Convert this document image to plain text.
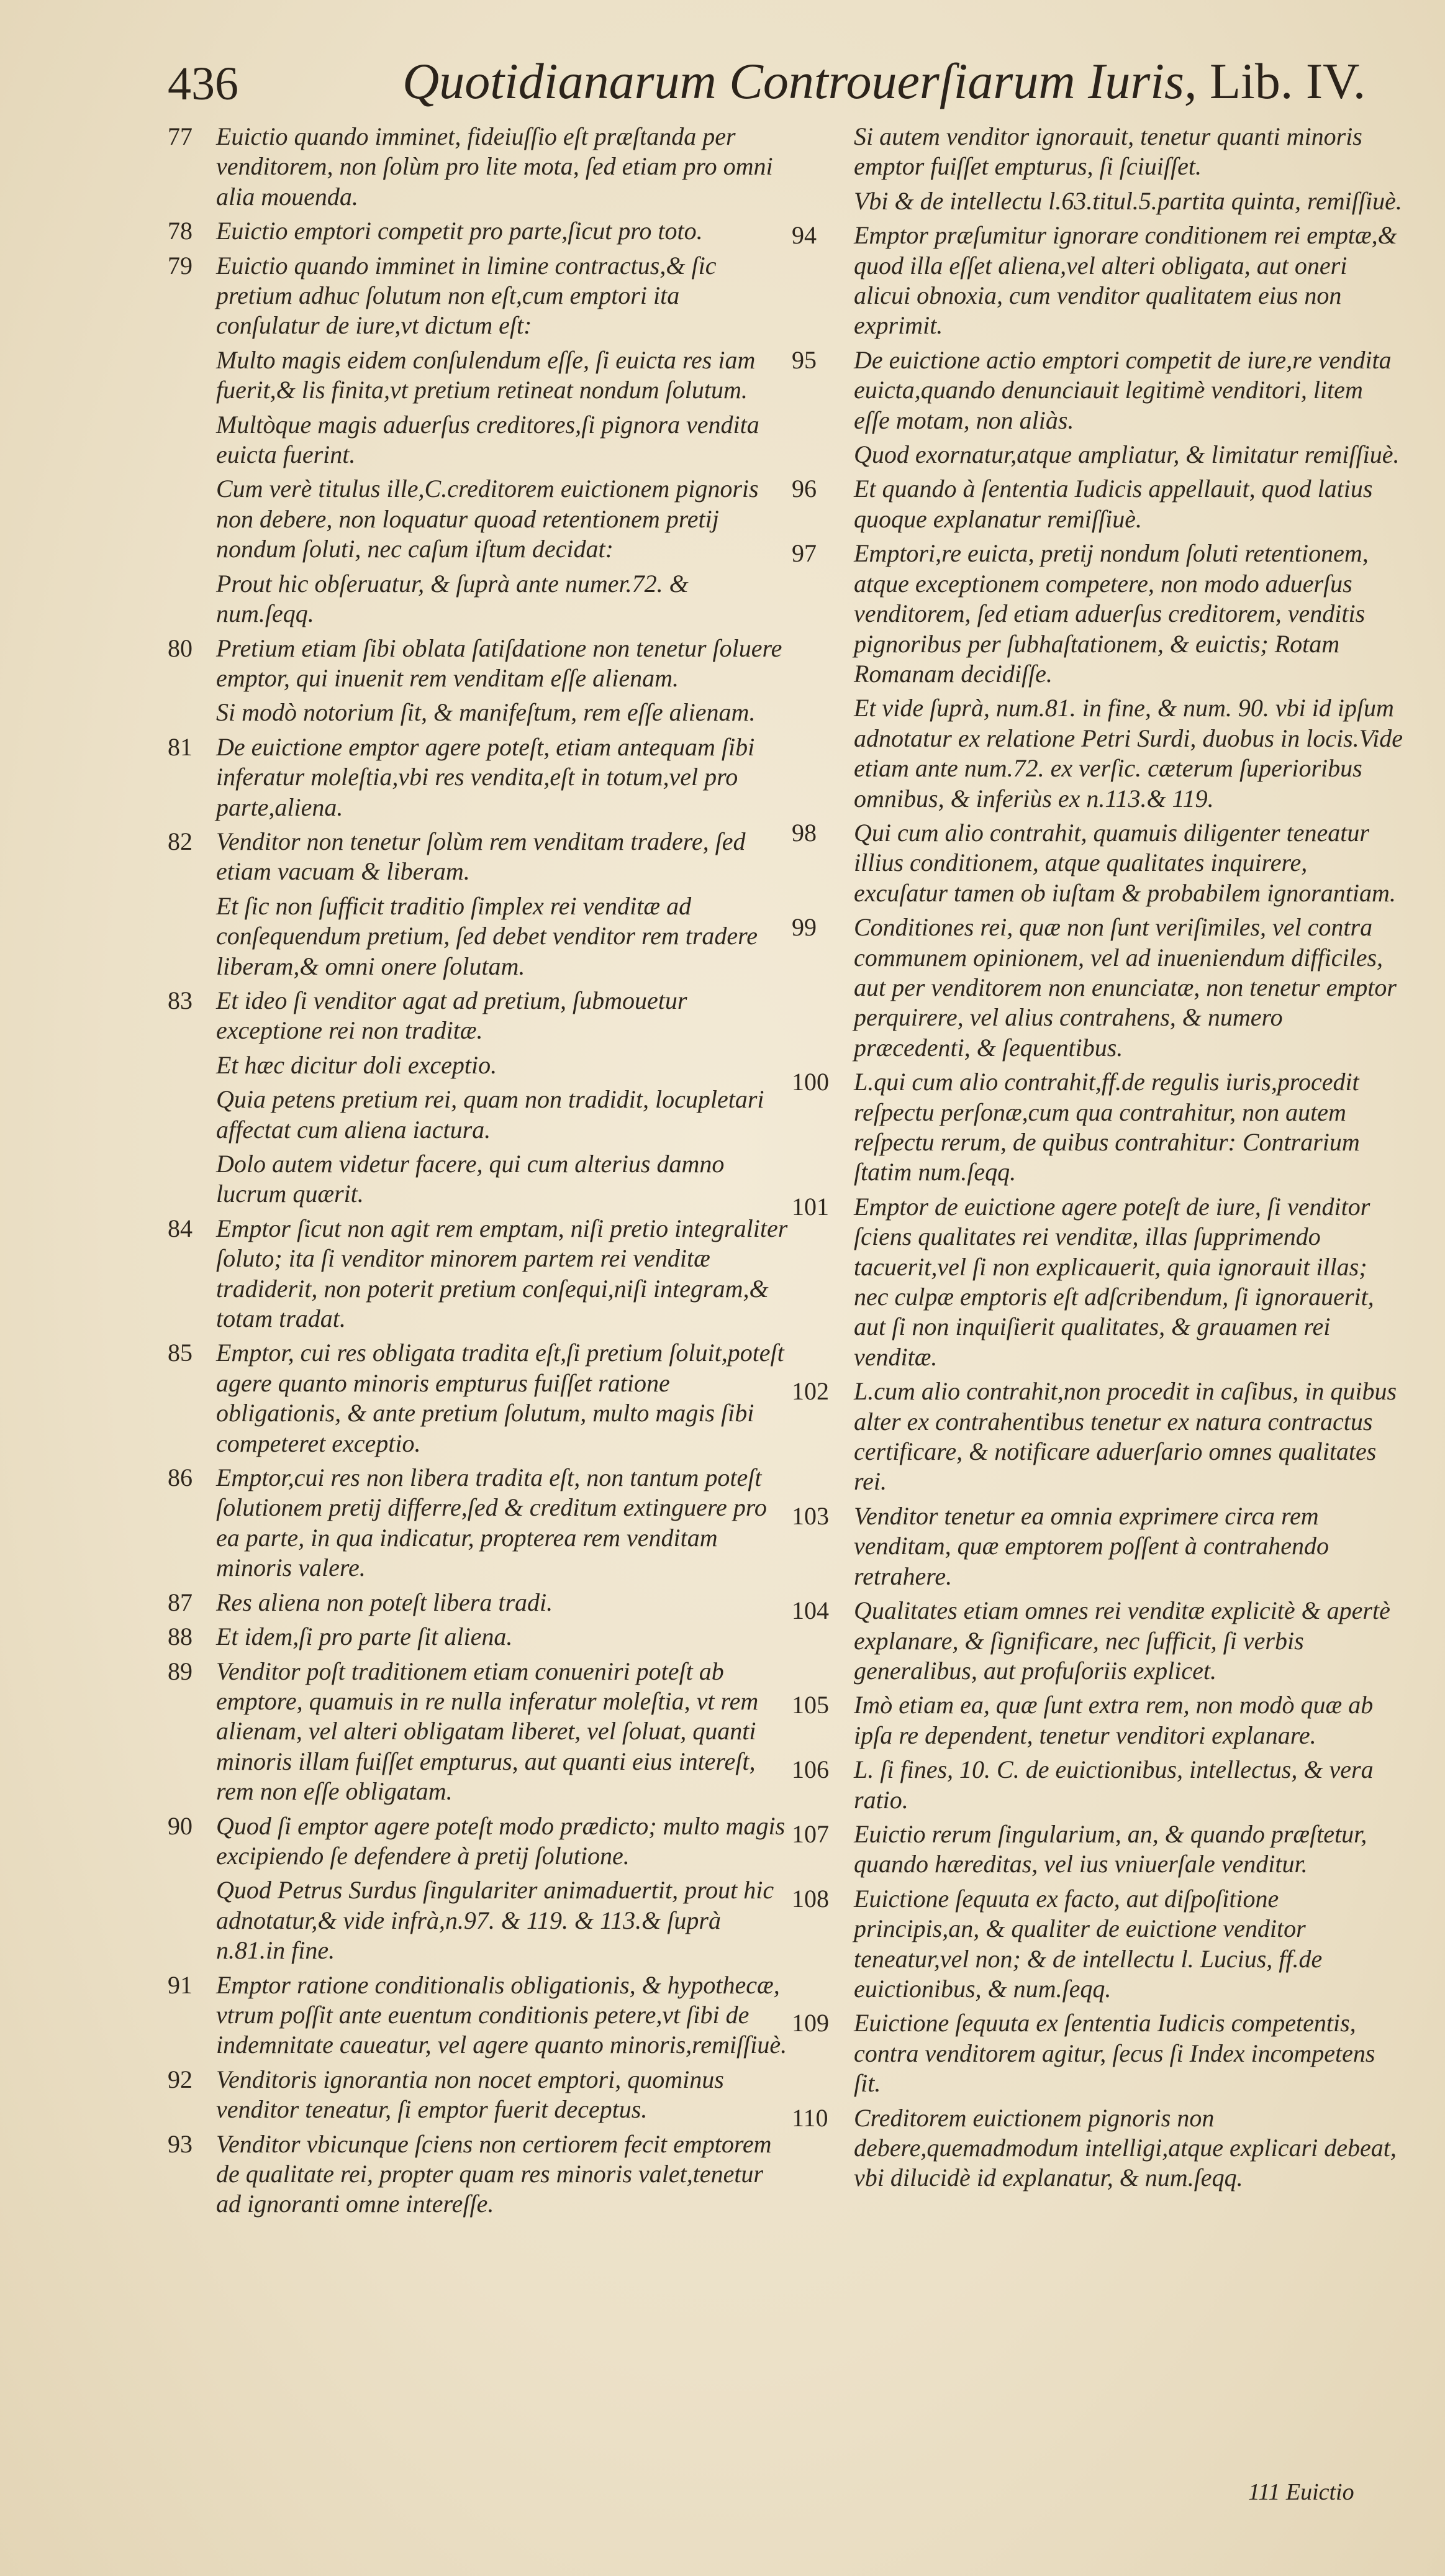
436	Quotidianarum Controuerſiarum Iuris, Lib. IV.
77 Euictio quando imminet, fideiuſſio eſt præſtanda per venditorem, non ſolùm pro lite mota, ſed etiam pro omni alia mouenda.
78 Euictio emptori competit pro parte,ſicut pro toto.
79 Euictio quando imminet in limine contractus,& ſic pretium adhuc ſolutum non eſt,cum emptori ita conſulatur de iure,vt dictum eſt:
Multo magis eidem conſulendum eſſe, ſi euicta res iam fuerit,& lis finita,vt pretium retineat nondum ſolutum.
Multòque magis aduerſus creditores,ſi pignora vendita euicta fuerint.
Cum verè titulus ille,C.creditorem euictionem pignoris non debere, non loquatur quoad retentionem pretij nondum ſoluti, nec caſum iſtum decidat:
Prout hic obſeruatur, & ſuprà ante numer.72. & num.ſeqq.
80 Pretium etiam ſibi oblata ſatiſdatione non tenetur ſoluere emptor, qui inuenit rem venditam eſſe alienam.
Si modò notorium ſit, & manifeſtum, rem eſſe alienam.
81 De euictione emptor agere poteſt, etiam antequam ſibi inferatur moleſtia,vbi res vendita,eſt in totum,vel pro parte,aliena.
82 Venditor non tenetur ſolùm rem venditam tradere, ſed etiam vacuam & liberam.
Et ſic non ſufficit traditio ſimplex rei venditæ ad conſequendum pretium, ſed debet venditor rem tradere liberam,& omni onere ſolutam.
83 Et ideo ſi venditor agat ad pretium, ſubmouetur exceptione rei non traditæ.
Et hæc dicitur doli exceptio.
Quia petens pretium rei, quam non tradidit, locupletari affectat cum aliena iactura.
Dolo autem videtur facere, qui cum alterius damno lucrum quærit.
84 Emptor ſicut non agit rem emptam, niſi pretio integraliter ſoluto; ita ſi venditor minorem partem rei venditæ tradiderit, non poterit pretium conſequi,niſi integram,& totam tradat.
85 Emptor, cui res obligata tradita eſt,ſi pretium ſoluit,poteſt agere quanto minoris empturus fuiſſet ratione obligationis, & ante pretium ſolutum, multo magis ſibi competeret exceptio.
86 Emptor,cui res non libera tradita eſt, non tantum poteſt ſolutionem pretij differre,ſed & creditum extinguere pro ea parte, in qua indicatur, propterea rem venditam minoris valere.
87 Res aliena non poteſt libera tradi.
88 Et idem,ſi pro parte ſit aliena.
89 Venditor poſt traditionem etiam conueniri poteſt ab emptore, quamuis in re nulla inferatur moleſtia, vt rem alienam, vel alteri obligatam liberet, vel ſoluat, quanti minoris illam fuiſſet empturus, aut quanti eius intereſt, rem non eſſe obligatam.
90 Quod ſi emptor agere poteſt modo prædicto; multo magis excipiendo ſe defendere à pretij ſolutione.
Quod Petrus Surdus ſingulariter animaduertit, prout hic adnotatur,& vide infrà,n.97. & 119. & 113.& ſuprà n.81.in fine.
91 Emptor ratione conditionalis obligationis, & hypothecæ, vtrum poſſit ante euentum conditionis petere,vt ſibi de indemnitate caueatur, vel agere quanto minoris,remiſſiuè.
92 Venditoris ignorantia non nocet emptori, quominus venditor teneatur, ſi emptor fuerit deceptus.
93 Venditor vbicunque ſciens non certiorem fecit emptorem de qualitate rei, propter quam res minoris valet,tenetur ad ignoranti omne intereſſe.
Si autem venditor ignorauit, tenetur quanti minoris emptor fuiſſet empturus, ſi ſciuiſſet.
Vbi & de intellectu l.63.titul.5.partita quinta, remiſſiuè.
94	Emptor præſumitur ignorare conditionem rei emptæ,& quod illa eſſet aliena,vel alteri obligata, aut oneri alicui obnoxia, cum venditor qualitatem eius non exprimit.
95	De euictione actio emptori competit de iure,re vendita euicta,quando denunciauit legitimè venditori, litem eſſe motam, non aliàs.
Quod exornatur,atque ampliatur, & limitatur remiſſiuè.
96	Et quando à ſententia Iudicis appellauit, quod latius quoque explanatur remiſſiuè.
97	Emptori,re euicta, pretij nondum ſoluti retentionem, atque exceptionem competere, non modo aduerſus venditorem, ſed etiam aduerſus creditorem, venditis pignoribus per ſubhaſtationem, & euictis; Rotam Romanam decidiſſe.
Et vide ſuprà, num.81. in fine, & num. 90. vbi id ipſum adnotatur ex relatione Petri Surdi, duobus in locis.Vide etiam ante num.72. ex verſic. cæterum ſuperioribus omnibus, & inferiùs ex n.113.& 119.
98	Qui cum alio contrahit, quamuis diligenter teneatur illius conditionem, atque qualitates inquirere, excuſatur tamen ob iuſtam & probabilem ignorantiam.
99	Conditiones rei, quæ non ſunt veriſimiles, vel contra communem opinionem, vel ad inueniendum difficiles, aut per venditorem non enunciatæ, non tenetur emptor perquirere, vel alius contrahens, & numero præcedenti, & ſequentibus.
100	L.qui cum alio contrahit,ff.de regulis iuris,procedit reſpectu perſonæ,cum qua contrahitur, non autem reſpectu rerum, de quibus contrahitur: Contrarium ſtatim num.ſeqq.
101	Emptor de euictione agere poteſt de iure, ſi venditor ſciens qualitates rei venditæ, illas ſupprimendo tacuerit,vel ſi non explicauerit, quia ignorauit illas; nec culpæ emptoris eſt adſcribendum, ſi ignorauerit, aut ſi non inquiſierit qualitates, & grauamen rei venditæ.
102	L.cum alio contrahit,non procedit in caſibus, in quibus alter ex contrahentibus tenetur ex natura contractus certificare, & notificare aduerſario omnes qualitates rei.
103	Venditor tenetur ea omnia exprimere circa rem venditam, quæ emptorem poſſent à contrahendo retrahere.
104	Qualitates etiam omnes rei venditæ explicitè & apertè explanare, & ſignificare, nec ſufficit, ſi verbis generalibus, aut profuſoriis explicet.
105	Imò etiam ea, quæ ſunt extra rem, non modò quæ ab ipſa re dependent, tenetur venditori explanare.
106	L. ſi fines, 10. C. de euictionibus, intellectus, & vera ratio.
107	Euictio rerum ſingularium, an, & quando præſtetur, quando hæreditas, vel ius vniuerſale venditur.
108	Euictione ſequuta ex facto, aut diſpoſitione principis,an, & qualiter de euictione venditor teneatur,vel non; & de intellectu l. Lucius, ff.de euictionibus, & num.ſeqq.
109	Euictione ſequuta ex ſententia Iudicis competentis, contra venditorem agitur, ſecus ſi Index incompetens ſit.
110	Creditorem euictionem pignoris non debere,quemadmodum intelligi,atque explicari debeat, vbi dilucidè id explanatur, & num.ſeqq.
111 Euictio
